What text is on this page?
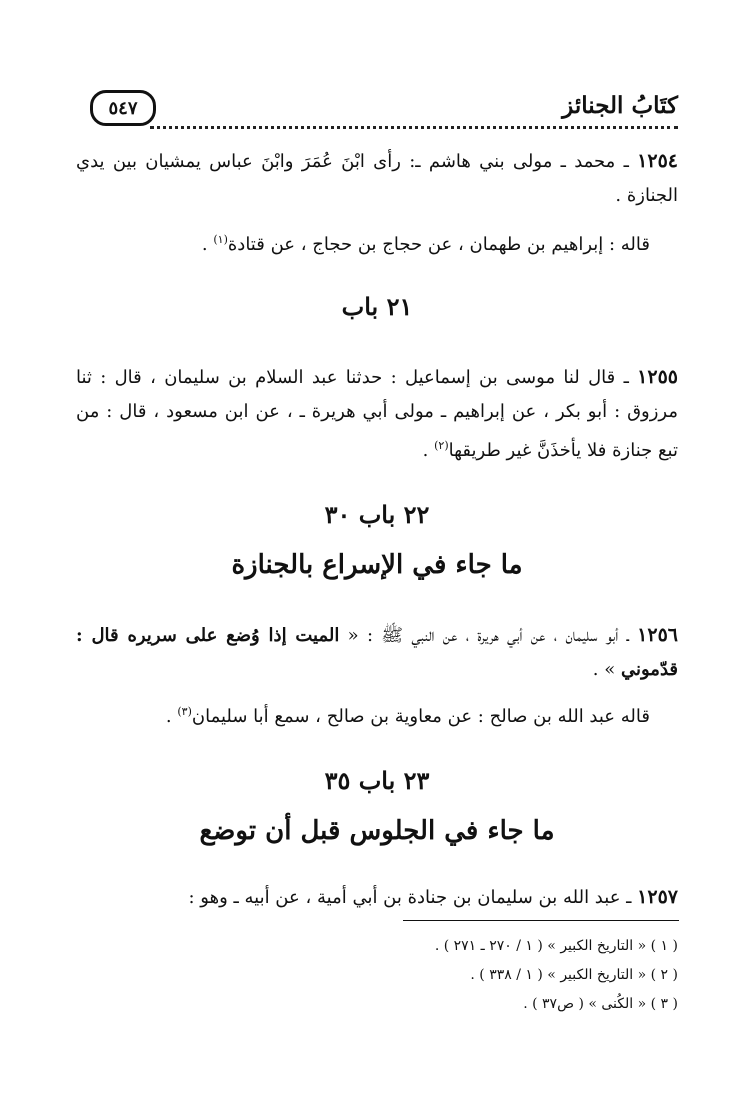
كتَابُ الجنائز
٥٤٧
١٢٥٤ ـ محمد ـ مولى بني هاشم ـ: رأى ابْنَ عُمَرَ وابْنَ عباس يمشيان بين يدي الجنازة .
قاله : إبراهيم بن طهمان ، عن حجاج بن حجاج ، عن قتادة$^{(١)}$ .
٢١ باب
١٢٥٥ ـ قال لنا موسى بن إسماعيل : حدثنا عبد السلام بن سليمان ، قال : ثنا مرزوق : أبو بكر ، عن إبراهيم ـ مولى أبي هريرة ـ ، عن ابن مسعود ، قال : من تبع جنازة فلا يأخذَنَّ غير طريقها$^{(٢)}$ .
٢٢ باب ٣٠
ما جاء في الإسراع بالجنازة
١٢٥٦ ـ أبو سليمان ، عن أبي هريرة ، عن النبي ﷺ : « الميت إذا وُضع على سريره قال : قدّموني » .
قاله عبد الله بن صالح : عن معاوية بن صالح ، سمع أبا سليمان$^{(٣)}$ .
٢٣ باب ٣٥
ما جاء في الجلوس قبل أن توضع
١٢٥٧ ـ عبد الله بن سليمان بن جنادة بن أبي أمية ، عن أبيه ـ وهو :
( ١ ) « التاريخ الكبير » ( ١ / ٢٧٠ ـ ٢٧١ ) .
( ٢ ) « التاريخ الكبير » ( ١ / ٣٣٨ ) .
( ٣ ) « الكُنى » ( ص٣٧ ) .
